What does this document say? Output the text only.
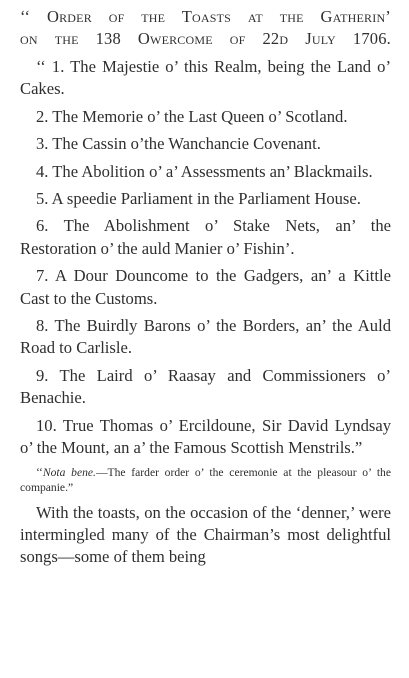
‘‘ Order of the Toasts at the Gatherin’
on the 138 Owercome of 22d July 1706.

‘‘ 1. The Majestie o’ this Realm, being the Land o’ Cakes.

2. The Memorie o’ the Last Queen o’ Scotland.

3. The Cassin o’the Wanchancie Covenant.

4. The Abolition o’ a’ Assessments an’ Blackmails.

5. A speedie Parliament in the Parliament House.

6. The Abolishment o’ Stake Nets, an’ the Restoration o’ the auld Manier o’ Fishin’.

7. A Dour Douncome to the Gadgers, an’ a Kittle Cast to the Customs.

8. The Buirdly Barons o’ the Borders, an’ the Auld Road to Carlisle.

9. The Laird o’ Raasay and Commissioners o’ Benachie.

10. True Thomas o’ Ercildoune, Sir David Lyndsay o’ the Mount, an a’ the Famous Scottish Menstrils.”

‘‘Nota bene.—The farder order o’ the ceremonie at the pleasour o’ the companie.”

With the toasts, on the occasion of the ‘denner,’ were intermingled many of the Chairman’s most delightful songs—some of them being
